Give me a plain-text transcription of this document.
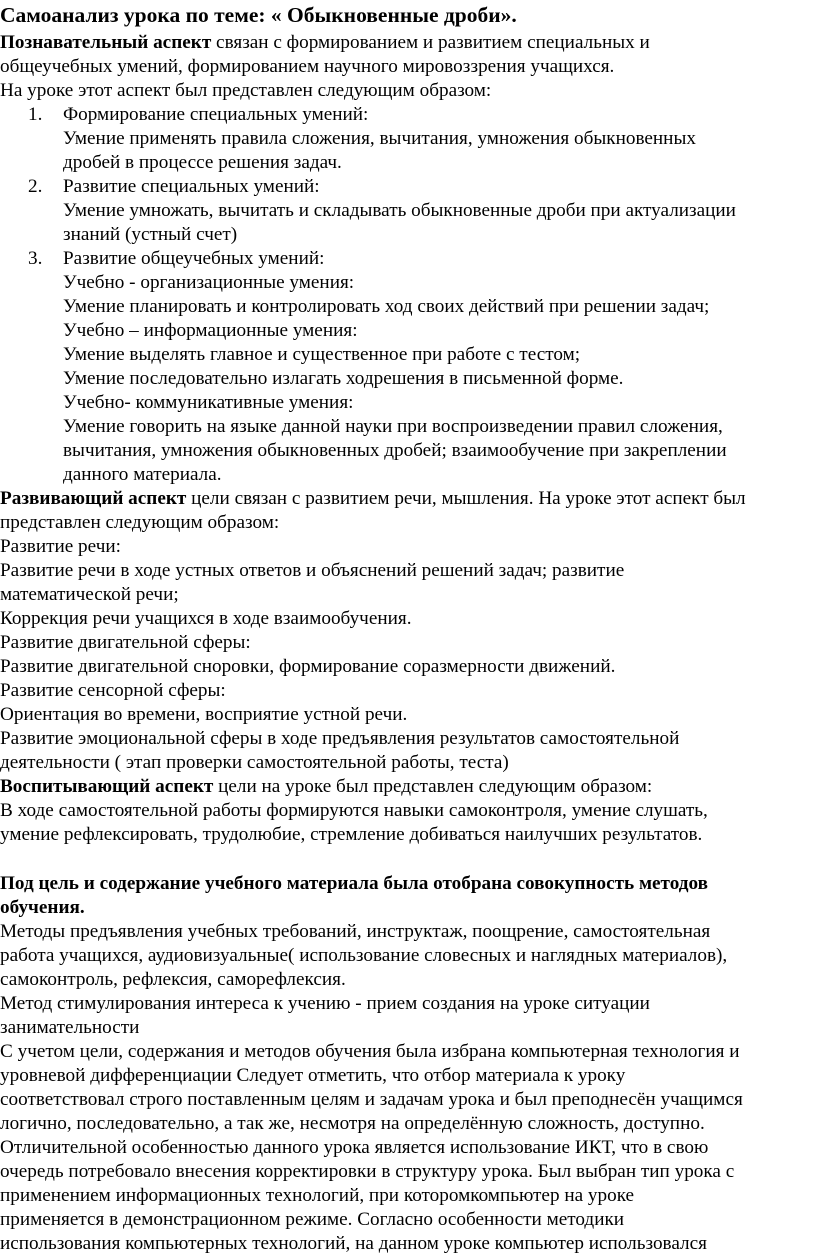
Самоанализ урока по теме: « Обыкновенные дроби».
Познавательный аспект связан с формированием и развитием специальных и
общеучебных умений, формированием научного мировоззрения учащихся.
На уроке этот аспект был представлен следующим образом:
1. Формирование специальных умений:
Умение применять правила сложения, вычитания, умножения обыкновенных
дробей в процессе решения задач.
2. Развитие специальных умений:
Умение умножать, вычитать и складывать обыкновенные дроби при актуализации
знаний (устный счет)
3. Развитие общеучебных умений:
Учебно - организационные умения:
Умение планировать и контролировать ход своих действий при решении задач;
Учебно – информационные умения:
Умение выделять главное и существенное при работе с тестом;
Умение последовательно излагать ходрешения в письменной форме.
Учебно- коммуникативные умения:
Умение говорить на языке данной науки при воспроизведении правил сложения,
вычитания, умножения обыкновенных дробей; взаимообучение при закреплении
данного материала.
Развивающий аспект цели связан с развитием речи, мышления. На уроке этот аспект был
представлен следующим образом:
Развитие речи:
Развитие речи в ходе устных ответов и объяснений решений задач; развитие
математической речи;
Коррекция речи учащихся в ходе взаимообучения.
Развитие двигательной сферы:
Развитие двигательной сноровки, формирование соразмерности движений.
Развитие сенсорной сферы:
Ориентация во времени, восприятие устной речи.
Развитие эмоциональной сферы в ходе предъявления результатов самостоятельной
деятельности ( этап проверки самостоятельной работы, теста)
Воспитывающий аспект цели на уроке был представлен следующим образом:
В ходе самостоятельной работы формируются навыки самоконтроля, умение слушать,
умение рефлексировать, трудолюбие, стремление добиваться наилучших результатов.
Под цель и содержание учебного материала была отобрана совокупность методов
обучения.
Методы предъявления учебных требований, инструктаж, поощрение, самостоятельная
работа учащихся, аудиовизуальные( использование словесных и наглядных материалов),
самоконтроль, рефлексия, саморефлексия.
Метод стимулирования интереса к учению - прием создания на уроке ситуации
занимательности
С учетом цели, содержания и методов обучения была избрана компьютерная технология и
уровневой дифференциации Следует отметить, что отбор материала к уроку
соответствовал строго поставленным целям и задачам урока и был преподнесён учащимся
логично, последовательно, а так же, несмотря на определённую сложность, доступно.
Отличительной особенностью данного урока является использование ИКТ, что в свою
очередь потребовало внесения корректировки в структуру урока. Был выбран тип урока с
применением информационных технологий, при которомкомпьютер на уроке
применяется в демонстрационном режиме. Согласно особенности методики
использования компьютерных технологий, на данном уроке компьютер использовался
